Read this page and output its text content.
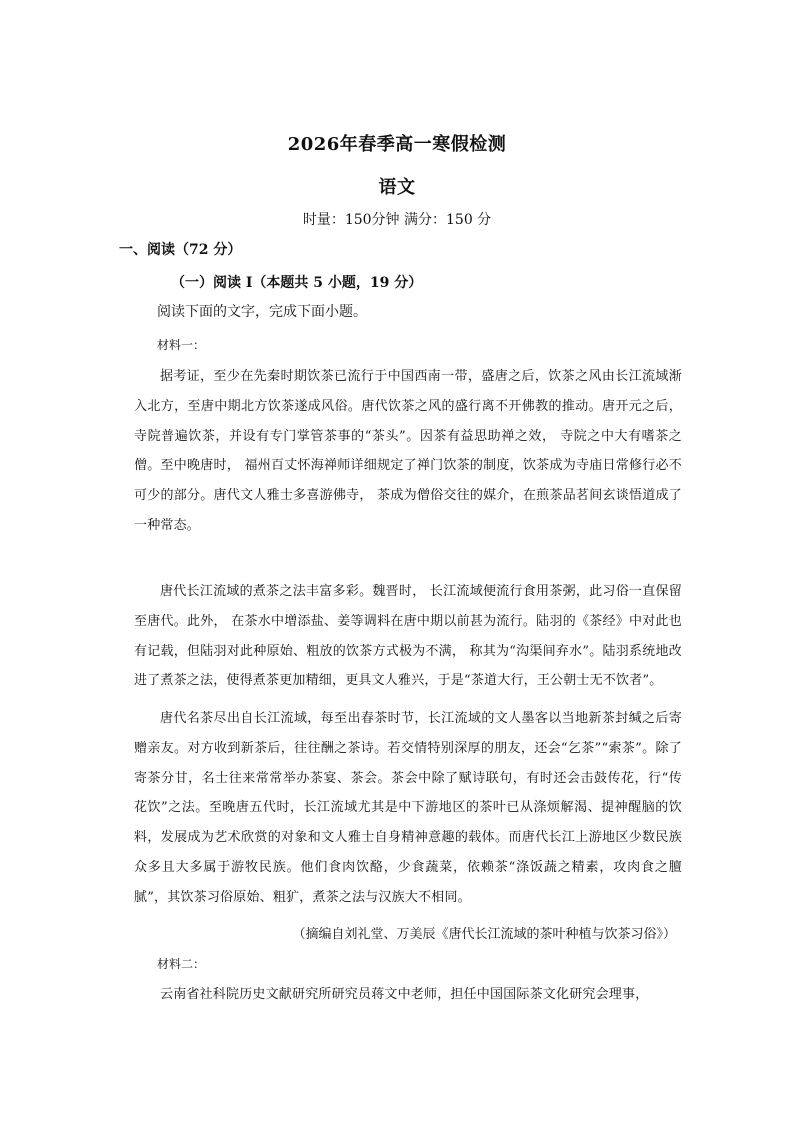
2026年春季高一寒假检测
语文
时量：150分钟 满分：150 分
一、阅读（72 分）
（一）阅读 I（本题共 5 小题，19 分）
阅读下面的文字，完成下面小题。
材料一：

据考证，至少在先秦时期饮茶已流行于中国西南一带，盛唐之后，饮茶之风由长江流域渐入北方，至唐中期北方饮茶遂成风俗。唐代饮茶之风的盛行离不开佛教的推动。唐开元之后，寺院普遍饮茶，并设有专门掌管茶事的“茶头”。因茶有益思助禅之效， 寺院之中大有嗜茶之僧。至中晚唐时， 福州百丈怀海禅师详细规定了禅门饮茶的制度，饮茶成为寺庙日常修行必不可少的部分。唐代文人雅士多喜游佛寺， 茶成为僧俗交往的媒介，在煎茶品茗间玄谈悟道成了一种常态。

唐代长江流域的煮茶之法丰富多彩。魏晋时， 长江流域便流行食用茶粥，此习俗一直保留至唐代。此外， 在茶水中增添盐、姜等调料在唐中期以前甚为流行。陆羽的《茶经》中对此也有记载，但陆羽对此种原始、粗放的饮茶方式极为不满， 称其为“沟渠间弃水”。陆羽系统地改进了煮茶之法，使得煮茶更加精细，更具文人雅兴，于是“茶道大行，王公朝士无不饮者”。

唐代名茶尽出自长江流域，每至出春茶时节，长江流域的文人墨客以当地新茶封缄之后寄赠亲友。对方收到新茶后，往往酬之茶诗。若交情特别深厚的朋友，还会“乞茶”“索茶”。除了寄茶分甘，名士往来常常举办茶宴、茶会。茶会中除了赋诗联句，有时还会击鼓传花，行“传花饮”之法。至晚唐五代时，长江流域尤其是中下游地区的茶叶已从涤烦解渴、提神醒脑的饮料，发展成为艺术欣赏的对象和文人雅士自身精神意趣的载体。而唐代长江上游地区少数民族众多且大多属于游牧民族。他们食肉饮酪，少食蔬菜，依赖茶“涤饭蔬之精素，攻肉食之膻腻”，其饮茶习俗原始、粗犷，煮茶之法与汉族大不相同。

（摘编自刘礼堂、万美辰《唐代长江流域的茶叶种植与饮茶习俗》）
材料二：

云南省社科院历史文献研究所研究员蒋文中老师，担任中国国际茶文化研究会理事，
